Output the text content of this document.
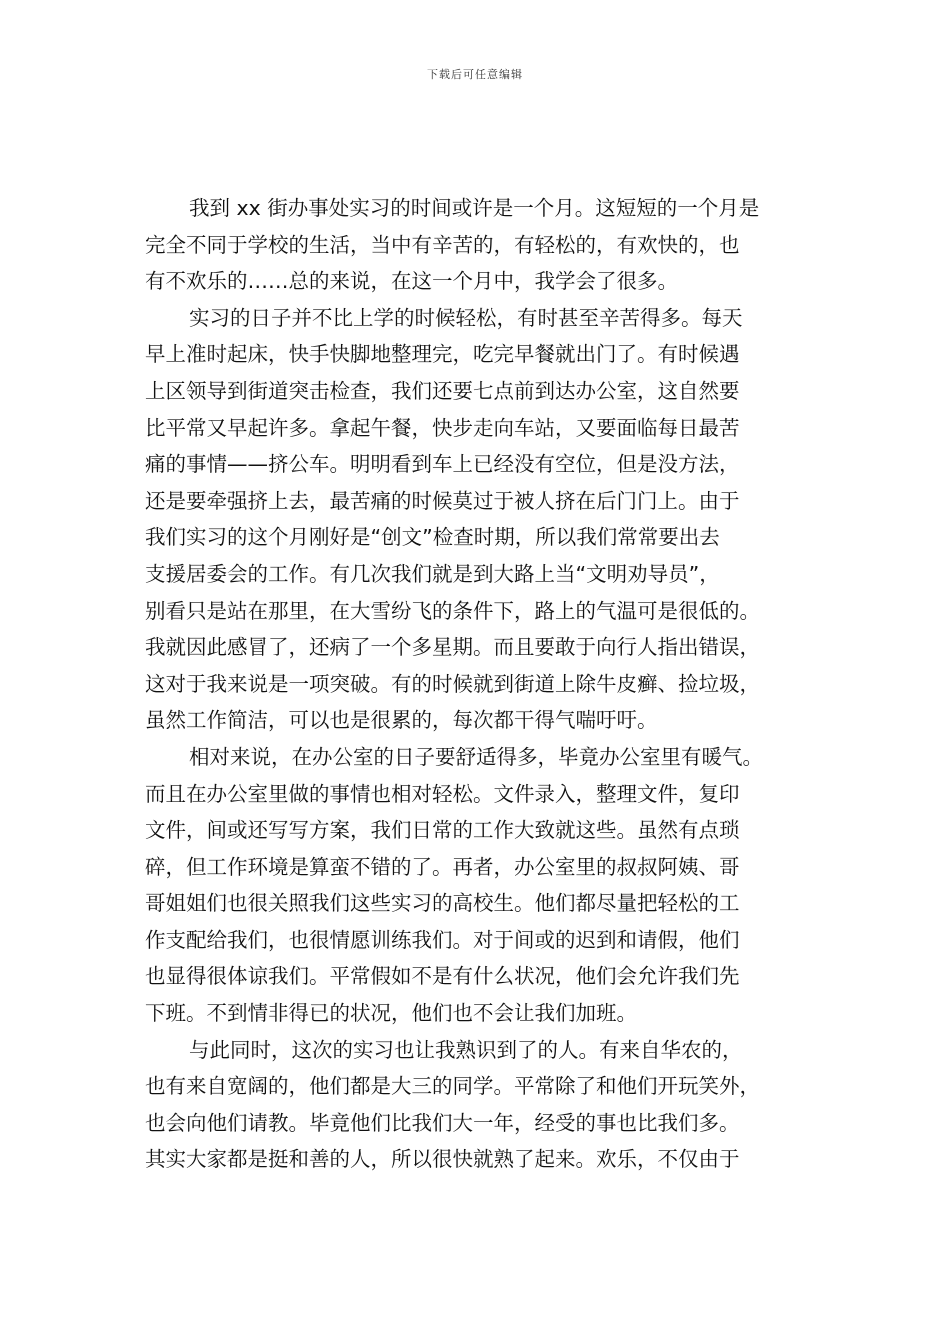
下载后可任意编辑
我到 xx 街办事处实习的时间或许是一个月。这短短的一个月是
完全不同于学校的生活，当中有辛苦的，有轻松的，有欢快的，也
有不欢乐的……总的来说，在这一个月中，我学会了很多。
实习的日子并不比上学的时候轻松，有时甚至辛苦得多。每天
早上准时起床，快手快脚地整理完，吃完早餐就出门了。有时候遇
上区领导到街道突击检查，我们还要七点前到达办公室，这自然要
比平常又早起许多。拿起午餐，快步走向车站，又要面临每日最苦
痛的事情——挤公车。明明看到车上已经没有空位，但是没方法，
还是要牵强挤上去，最苦痛的时候莫过于被人挤在后门门上。由于
我们实习的这个月刚好是“创文”检查时期，所以我们常常要出去
支援居委会的工作。有几次我们就是到大路上当“文明劝导员”，
别看只是站在那里，在大雪纷飞的条件下，路上的气温可是很低的。
我就因此感冒了，还病了一个多星期。而且要敢于向行人指出错误，
这对于我来说是一项突破。有的时候就到街道上除牛皮癣、捡垃圾，
虽然工作简洁，可以也是很累的，每次都干得气喘吁吁。
相对来说，在办公室的日子要舒适得多，毕竟办公室里有暖气。
而且在办公室里做的事情也相对轻松。文件录入，整理文件，复印
文件，间或还写写方案，我们日常的工作大致就这些。虽然有点琐
碎，但工作环境是算蛮不错的了。再者，办公室里的叔叔阿姨、哥
哥姐姐们也很关照我们这些实习的高校生。他们都尽量把轻松的工
作支配给我们，也很情愿训练我们。对于间或的迟到和请假，他们
也显得很体谅我们。平常假如不是有什么状况，他们会允许我们先
下班。不到情非得已的状况，他们也不会让我们加班。
与此同时，这次的实习也让我熟识到了的人。有来自华农的，
也有来自宽阔的，他们都是大三的同学。平常除了和他们开玩笑外，
也会向他们请教。毕竟他们比我们大一年，经受的事也比我们多。
其实大家都是挺和善的人，所以很快就熟了起来。欢乐，不仅由于
